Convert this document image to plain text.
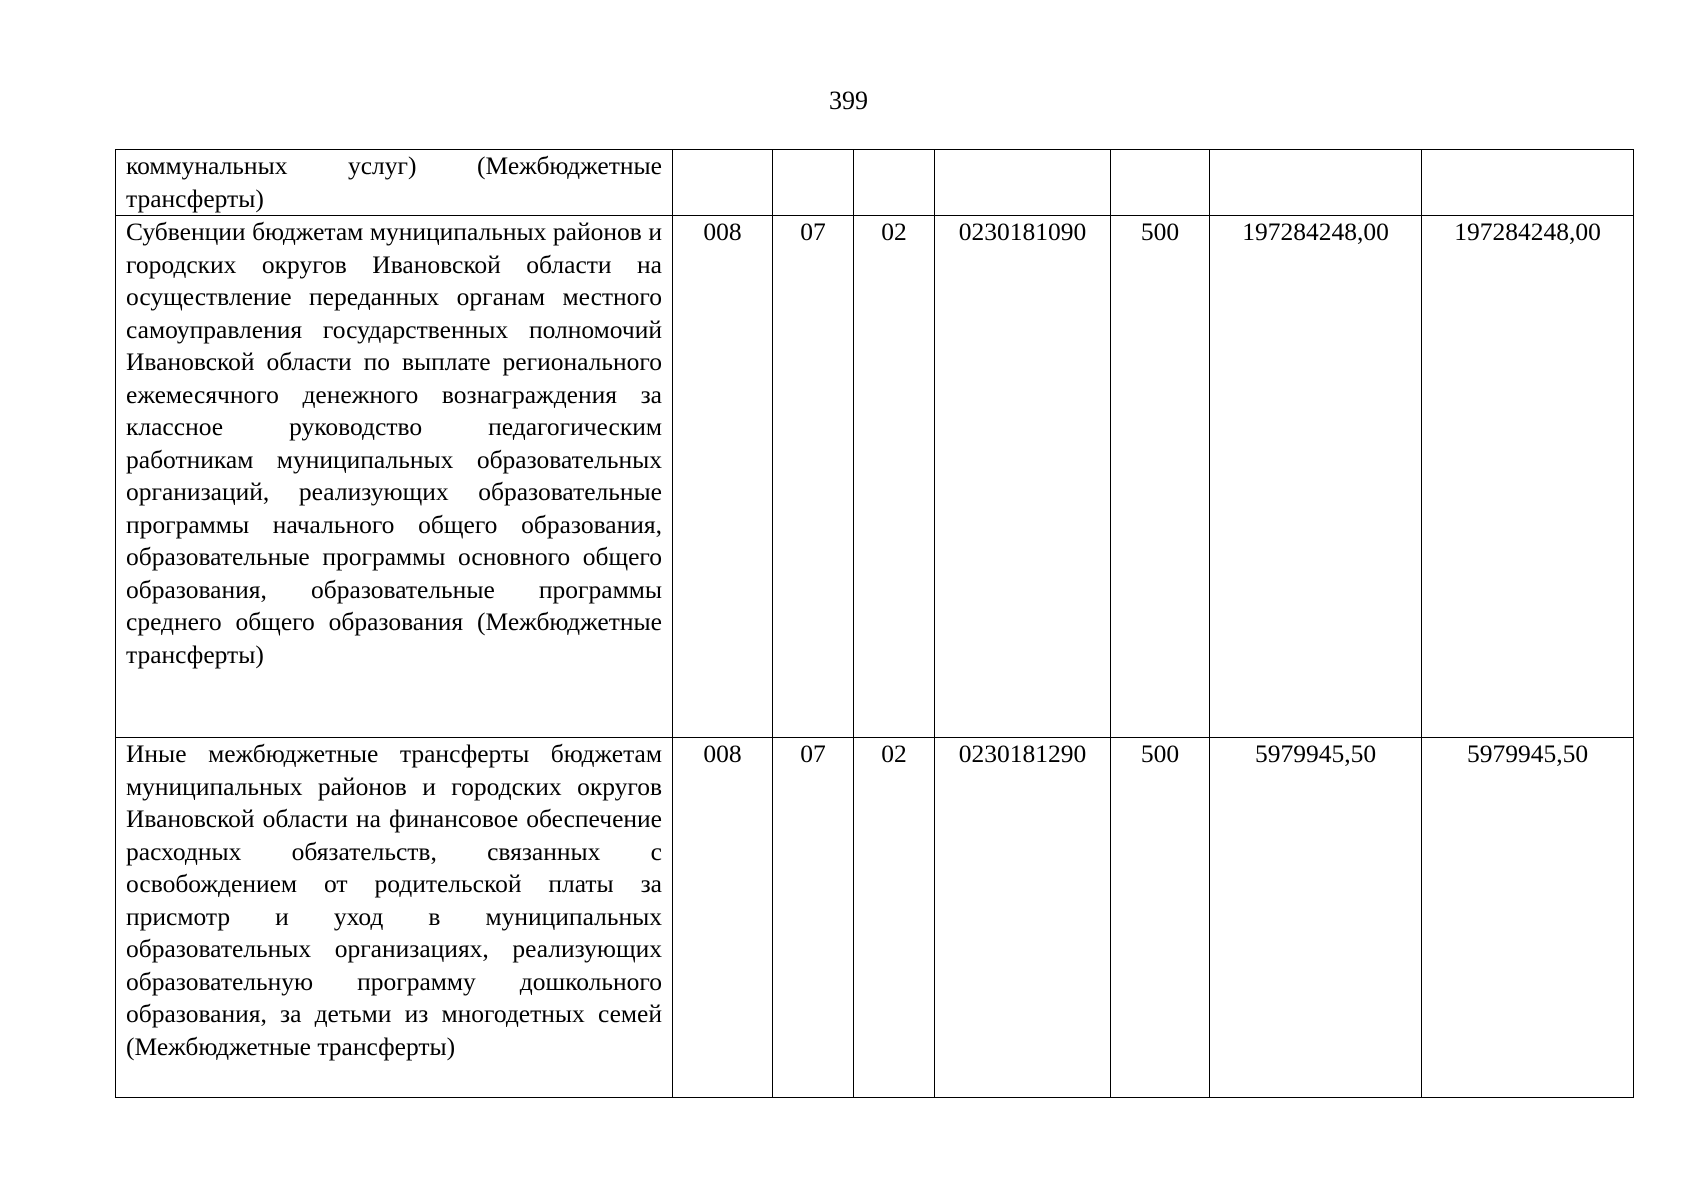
399
коммунальных услуг) (Межбюджетные трансферты)							
Субвенции бюджетам муниципальных районов и городских округов Ивановской области на осуществление переданных органам местного самоуправления государственных полномочий Ивановской области по выплате регионального ежемесячного денежного вознаграждения за классное руководство педагогическим работникам муниципальных образовательных организаций, реализующих образовательные программы начального общего образования, образовательные программы основного общего образования, образовательные программы среднего общего образования (Межбюджетные трансферты)	008	07	02	0230181090	500	197284248,00	197284248,00
Иные межбюджетные трансферты бюджетам муниципальных районов и городских округов Ивановской области на финансовое обеспечение расходных обязательств, связанных с освобождением от родительской платы за присмотр и уход в муниципальных образовательных организациях, реализующих образовательную программу дошкольного образования, за детьми из многодетных семей (Межбюджетные трансферты)	008	07	02	0230181290	500	5979945,50	5979945,50
